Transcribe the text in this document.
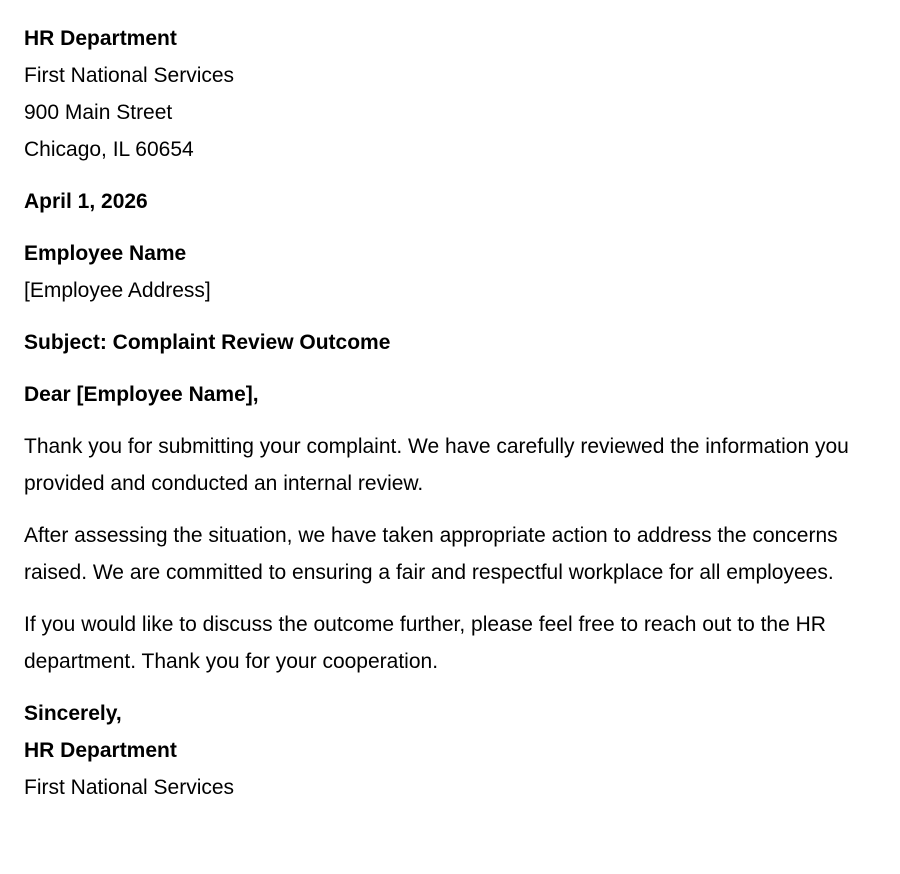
HR Department
First National Services
900 Main Street
Chicago, IL 60654
April 1, 2026
Employee Name
[Employee Address]
Subject: Complaint Review Outcome
Dear [Employee Name],

Thank you for submitting your complaint. We have carefully reviewed the information you provided and conducted an internal review.

After assessing the situation, we have taken appropriate action to address the concerns raised. We are committed to ensuring a fair and respectful workplace for all employees.

If you would like to discuss the outcome further, please feel free to reach out to the HR department. Thank you for your cooperation.

Sincerely,
HR Department
First National Services
